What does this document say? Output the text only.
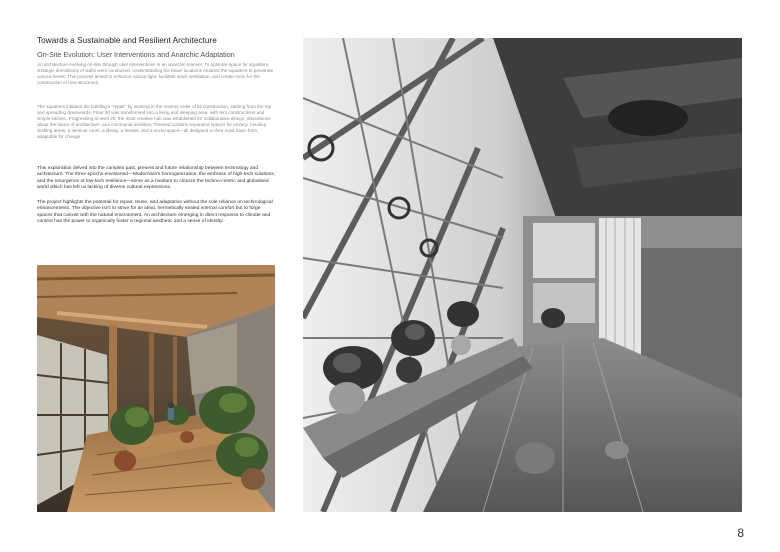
Towards a Sustainable and Resilient Architecture
On-Site Evolution: User Interventions and Anarchic Adaptation

An architecture evolving on-site through user interventions in an anarchic manner. To optimize space for squatters, strategic demolitions of slabs were conducted. Understanding the beam locations enabled the squatters to penetrate various levels. This process aimed to enhance natural light, facilitate stack ventilation, and create room for the construction of new structures.

The squatters initiated the building's "repair" by working in the reverse order of its construction, starting from the top and spreading downwards. Floor 30 was transformed into a living and sleeping area, with tent constructions and simple kitchen. Progressing to level 29, the most creative hub was established for collaborative design, discussions about the future of architecture, and communal activities. Themed curtains separated spaces for privacy, housing drafting areas, a seminar room, a library, a theater, and a social space—all designed in their most basic form, adaptable for change.

This exploration delved into the complex past, present and future relationship between technology and architecture. The three epochs envisioned—Modernism's homogenization, the embrace of high-tech solutions, and the resurgence of low-tech resilience—serve as a medium to criticize the techno-centric and globalised world which has left us lacking of diverse cultural expressions.

The project highlights the potential for repair, reuse, and adaptation without the sole reliance on technological enhancements. The objective isn't to strive for an ideal, hermetically sealed internal comfort but to forge spaces that coexist with the natural environment. An architecture emerging in direct response to climate and context has the power to organically foster a regional aesthetic and a sense of identity.

8
